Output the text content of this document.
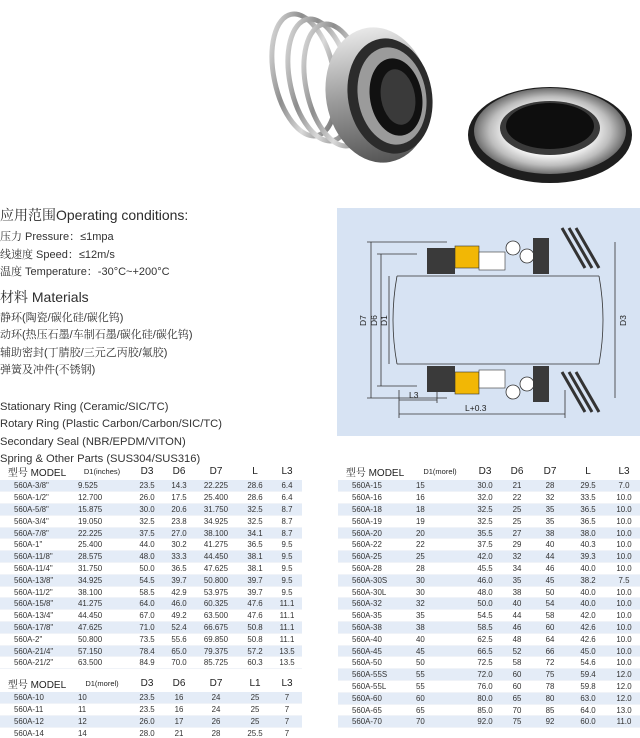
应用范围Operating conditions:
压力 Pressure：≤1mpa
线速度 Speed：≤12m/s
温度 Temperature：-30°C~+200°C
材料 Materials
静环(陶瓷/碳化硅/碳化钨)
动环(热压石墨/车制石墨/碳化硅/碳化钨)
辅助密封(丁腈胶/三元乙丙胶/氟胶)
弹簧及冲件(不锈钢)
Stationary Ring (Ceramic/SIC/TC)
Rotary Ring (Plastic Carbon/Carbon/SIC/TC)
Secondary Seal (NBR/EPDM/VITON)
Spring & Other Parts (SUS304/SUS316)
D7 D6 D1	D3
L3
L+0.3
型号 MODEL	D1(inches)	D3	D6	D7	L	L3
560A-3/8"	9.525	23.5	14.3	22.225	28.6	6.4
560A-1/2"	12.700	26.0	17.5	25.400	28.6	6.4
560A-5/8"	15.875	30.0	20.6	31.750	32.5	8.7
560A-3/4"	19.050	32.5	23.8	34.925	32.5	8.7
560A-7/8"	22.225	37.5	27.0	38.100	34.1	8.7
560A-1"	25.400	44.0	30.2	41.275	36.5	9.5
560A-11/8"	28.575	48.0	33.3	44.450	38.1	9.5
560A-11/4"	31.750	50.0	36.5	47.625	38.1	9.5
560A-13/8"	34.925	54.5	39.7	50.800	39.7	9.5
560A-11/2"	38.100	58.5	42.9	53.975	39.7	9.5
560A-15/8"	41.275	64.0	46.0	60.325	47.6	11.1
560A-13/4"	44.450	67.0	49.2	63.500	47.6	11.1
560A-17/8"	47.625	71.0	52.4	66.675	50.8	11.1
560A-2"	50.800	73.5	55.6	69.850	50.8	11.1
560A-21/4"	57.150	78.4	65.0	79.375	57.2	13.5
560A-21/2"	63.500	84.9	70.0	85.725	60.3	13.5
型号 MODEL	D1(morel)	D3	D6	D7	L1	L3
560A-10	10	23.5	16	24	25	7
560A-11	11	23.5	16	24	25	7
560A-12	12	26.0	17	26	25	7
560A-14	14	28.0	21	28	25.5	7
型号 MODEL	D1(morel)	D3	D6	D7	L	L3
560A-15	15	30.0	21	28	29.5	7.0
560A-16	16	32.0	22	32	33.5	10.0
560A-18	18	32.5	25	35	36.5	10.0
560A-19	19	32.5	25	35	36.5	10.0
560A-20	20	35.5	27	38	38.0	10.0
560A-22	22	37.5	29	40	40.3	10.0
560A-25	25	42.0	32	44	39.3	10.0
560A-28	28	45.5	34	46	40.0	10.0
560A-30S	30	46.0	35	45	38.2	7.5
560A-30L	30	48.0	38	50	40.0	10.0
560A-32	32	50.0	40	54	40.0	10.0
560A-35	35	54.5	44	58	42.0	10.0
560A-38	38	58.5	46	60	42.6	10.0
560A-40	40	62.5	48	64	42.6	10.0
560A-45	45	66.5	52	66	45.0	10.0
560A-50	50	72.5	58	72	54.6	10.0
560A-55S	55	72.0	60	75	59.4	12.0
560A-55L	55	76.0	60	78	59.8	12.0
560A-60	60	80.0	65	80	63.0	12.0
560A-65	65	85.0	70	85	64.0	13.0
560A-70	70	92.0	75	92	60.0	11.0
